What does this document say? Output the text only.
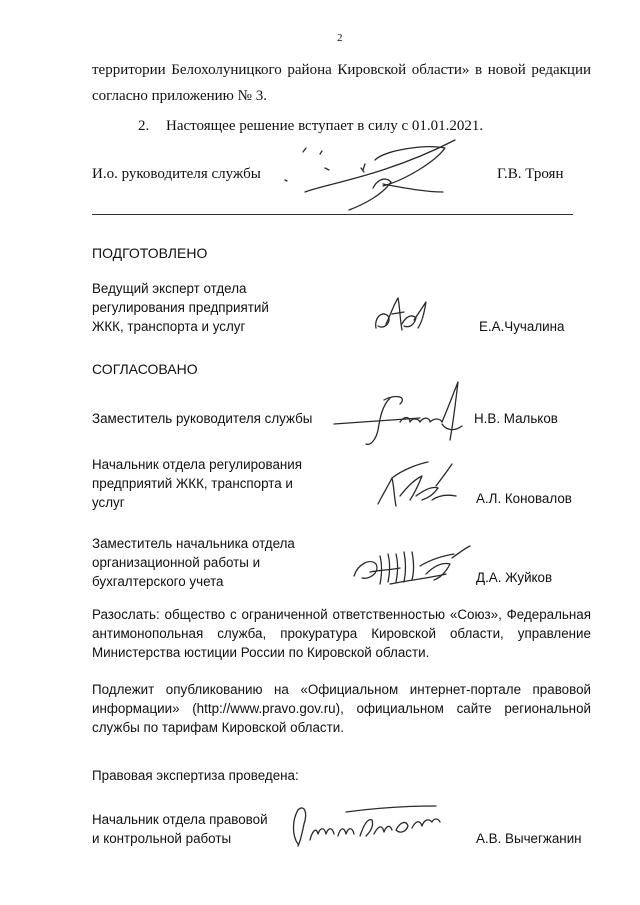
2
территории Белохолуницкого района Кировской области» в новой редакции
согласно приложению № 3.
2. Настоящее решение вступает в силу с 01.01.2021.
И.о. руководителя службы	Г.В. Троян
ПОДГОТОВЛЕНО
Ведущий эксперт отдела
регулирования предприятий
ЖКК, транспорта и услуг	Е.А.Чучалина
СОГЛАСОВАНО
Заместитель руководителя службы	Н.В. Мальков
Начальник отдела регулирования
предприятий ЖКК, транспорта и
услуг	А.Л. Коновалов
Заместитель начальника отдела
организационной работы и
бухгалтерского учета	Д.А. Жуйков
Разослать: общество с ограниченной ответственностью «Союз», Федеральная
антимонопольная служба, прокуратура Кировской области, управление
Министерства юстиции России по Кировской области.
Подлежит опубликованию на «Официальном интернет-портале правовой
информации» (http://www.pravo.gov.ru), официальном сайте региональной
службы по тарифам Кировской области.
Правовая экспертиза проведена:
Начальник отдела правовой
и контрольной работы	А.В. Вычегжанин
